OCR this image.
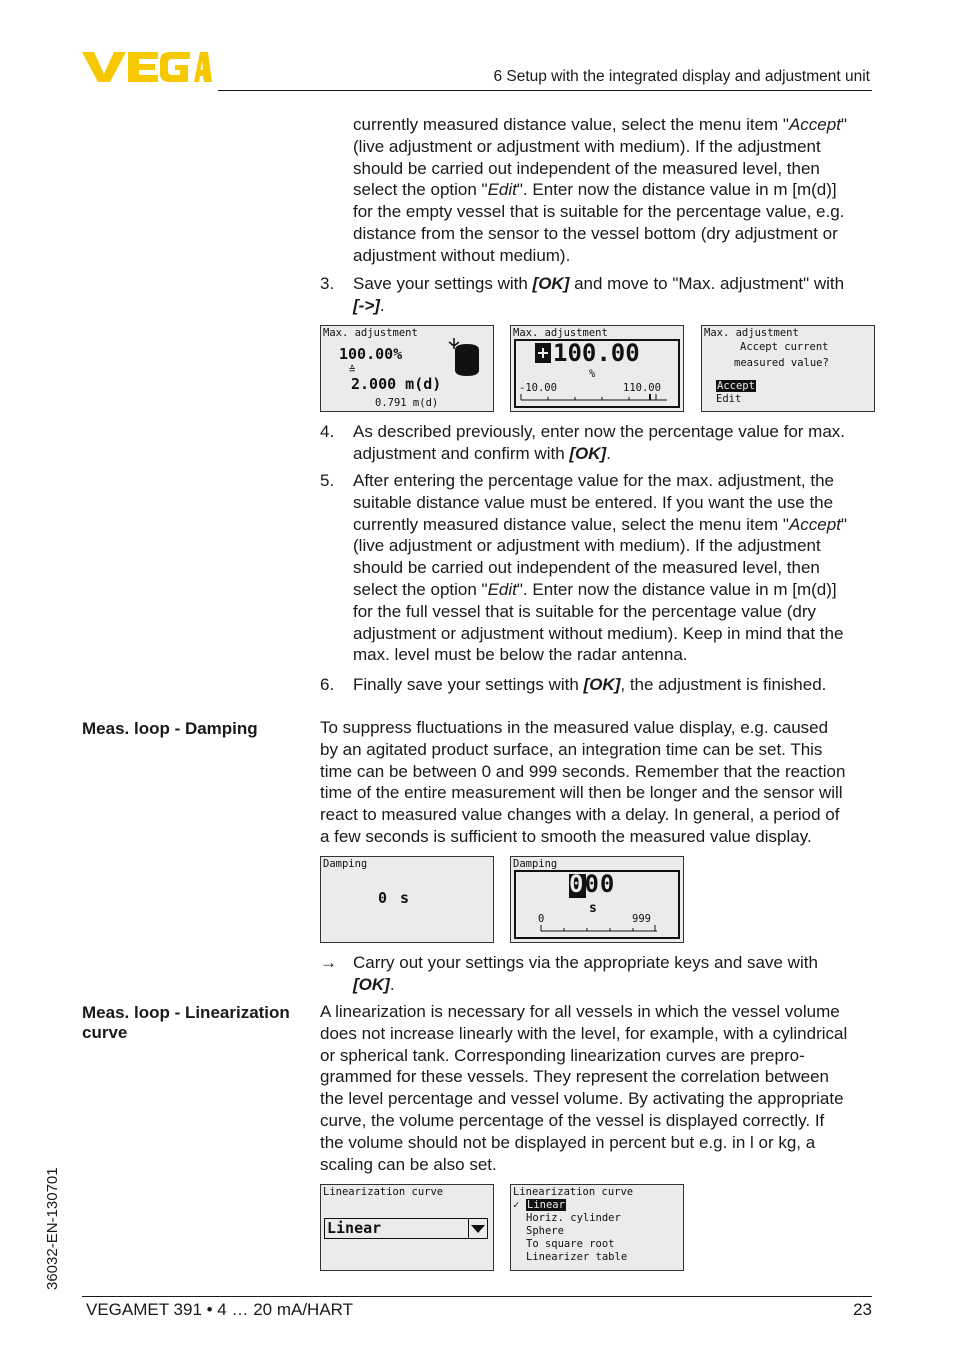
6 Setup with the integrated display and adjustment unit
currently measured distance value, select the menu item "Accept"
(live adjustment or adjustment with medium). If the adjustment
should be carried out independent of the measured level, then
select the option "Edit". Enter now the distance value in m [m(d)]
for the empty vessel that is suitable for the percentage value, e.g.
distance from the sensor to the vessel bottom (dry adjustment or
adjustment without medium).
3. Save your settings with [OK] and move to "Max. adjustment" with
[->].
Max. adjustment
100.00%
≙
2.000 m(d)
0.791 m(d)
Max. adjustment
100.00
%
-10.00	110.00
Max. adjustment
Accept current
measured value?
Accept
Edit
4. As described previously, enter now the percentage value for max.
adjustment and confirm with [OK].
5. After entering the percentage value for the max. adjustment, the
suitable distance value must be entered. If you want the use the
currently measured distance value, select the menu item "Accept"
(live adjustment or adjustment with medium). If the adjustment
should be carried out independent of the measured level, then
select the option "Edit". Enter now the distance value in m [m(d)]
for the full vessel that is suitable for the percentage value (dry
adjustment or adjustment without medium). Keep in mind that the
max. level must be below the radar antenna.
6. Finally save your settings with [OK], the adjustment is finished.
Meas. loop - Damping	To suppress fluctuations in the measured value display, e.g. caused
by an agitated product surface, an integration time can be set. This
time can be between 0 and 999 seconds. Remember that the reaction
time of the entire measurement will then be longer and the sensor will
react to measured value changes with a delay. In general, a period of
a few seconds is sufficient to smooth the measured value display.
Damping
0 s
Damping
000
s
0	999
→ Carry out your settings via the appropriate keys and save with
[OK].
Meas. loop - Linearization
curve
A linearization is necessary for all vessels in which the vessel volume
does not increase linearly with the level, for example, with a cylindrical
or spherical tank. Corresponding linearization curves are prepro-
grammed for these vessels. They represent the correlation between
the level percentage and vessel volume. By activating the appropriate
curve, the volume percentage of the vessel is displayed correctly. If
the volume should not be displayed in percent but e.g. in l or kg, a
scaling can be also set.
Linearization curve
Linear
Linearization curve
✓ Linear
Horiz. cylinder
Sphere
To square root
Linearizer table
36032-EN-130701
VEGAMET 391 • 4 … 20 mA/HART	23
